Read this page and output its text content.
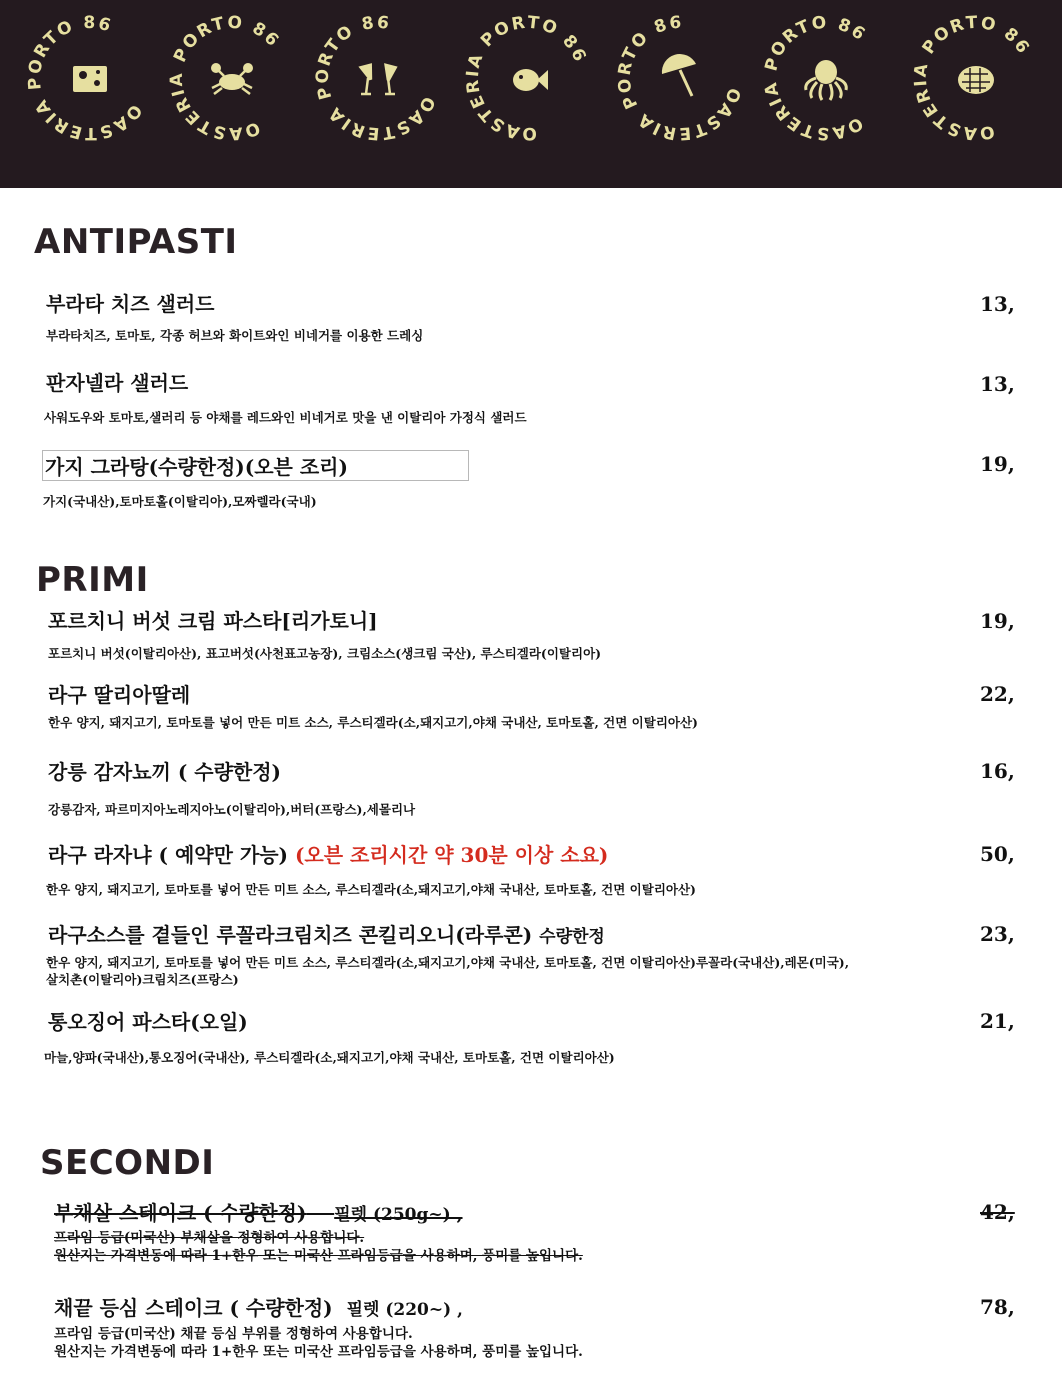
OASTERIA PORTO 86
OASTERIA PORTO 86
OASTERIA PORTO 86
OASTERIA PORTO 86
OASTERIA PORTO 86
OASTERIA PORTO 86
OASTERIA PORTO 86
ANTIPASTI
부라타 치즈 샐러드	13,
부라타치즈, 토마토, 각종 허브와 화이트와인 비네거를 이용한 드레싱
판자넬라 샐러드	13,
사워도우와 토마토,샐러리 등 야채를 레드와인 비네거로 맛을 낸 이탈리아 가정식 샐러드
가지 그라탕(수량한정)(오븐 조리)	19,
가지(국내산),토마토홀(이탈리아),모짜렐라(국내)
PRIMI
포르치니 버섯 크림 파스타[리가토니]	19,
포르치니 버섯(이탈리아산), 표고버섯(사천표고농장), 크림소스(생크림 국산), 루스티겔라(이탈리아)
라구 딸리아딸레	22,
한우 양지, 돼지고기, 토마토를 넣어 만든 미트 소스, 루스티겔라(소,돼지고기,야채 국내산, 토마토홀, 건면 이탈리아산)
강릉 감자뇨끼 ( 수량한정)	16,
강릉감자, 파르미지아노레지아노(이탈리아),버터(프랑스),세몰리나
라구 라자냐 ( 예약만 가능) (오븐 조리시간 약 30분 이상 소요)	50,
한우 양지, 돼지고기, 토마토를 넣어 만든 미트 소스, 루스티겔라(소,돼지고기,야채 국내산, 토마토홀, 건면 이탈리아산)
라구소스를 곁들인 루꼴라크림치즈 콘킬리오니(라루콘) 수량한정	23,
한우 양지, 돼지고기, 토마토를 넣어 만든 미트 소스, 루스티겔라(소,돼지고기,야채 국내산, 토마토홀, 건면 이탈리아산)루꼴라(국내산),레몬(미국),
살치촌(이탈리아)크림치즈(프랑스)
통오징어 파스타(오일)	21,
마늘,양파(국내산),통오징어(국내산), 루스티겔라(소,돼지고기,야채 국내산, 토마토홀, 건면 이탈리아산)
SECONDI
부채살 스테이크 ( 수량한정) 필렛 (250g~) ,	42,
프라임 등급(미국산) 부채살을 정형하여 사용합니다.
원산지는 가격변동에 따라 1+한우 또는 미국산 프라임등급을 사용하며, 풍미를 높입니다.
채끝 등심 스테이크 ( 수량한정) 필렛 (220~) ,	78,
프라임 등급(미국산) 채끝 등심 부위를 정형하여 사용합니다.
원산지는 가격변동에 따라 1+한우 또는 미국산 프라임등급을 사용하며, 풍미를 높입니다.
